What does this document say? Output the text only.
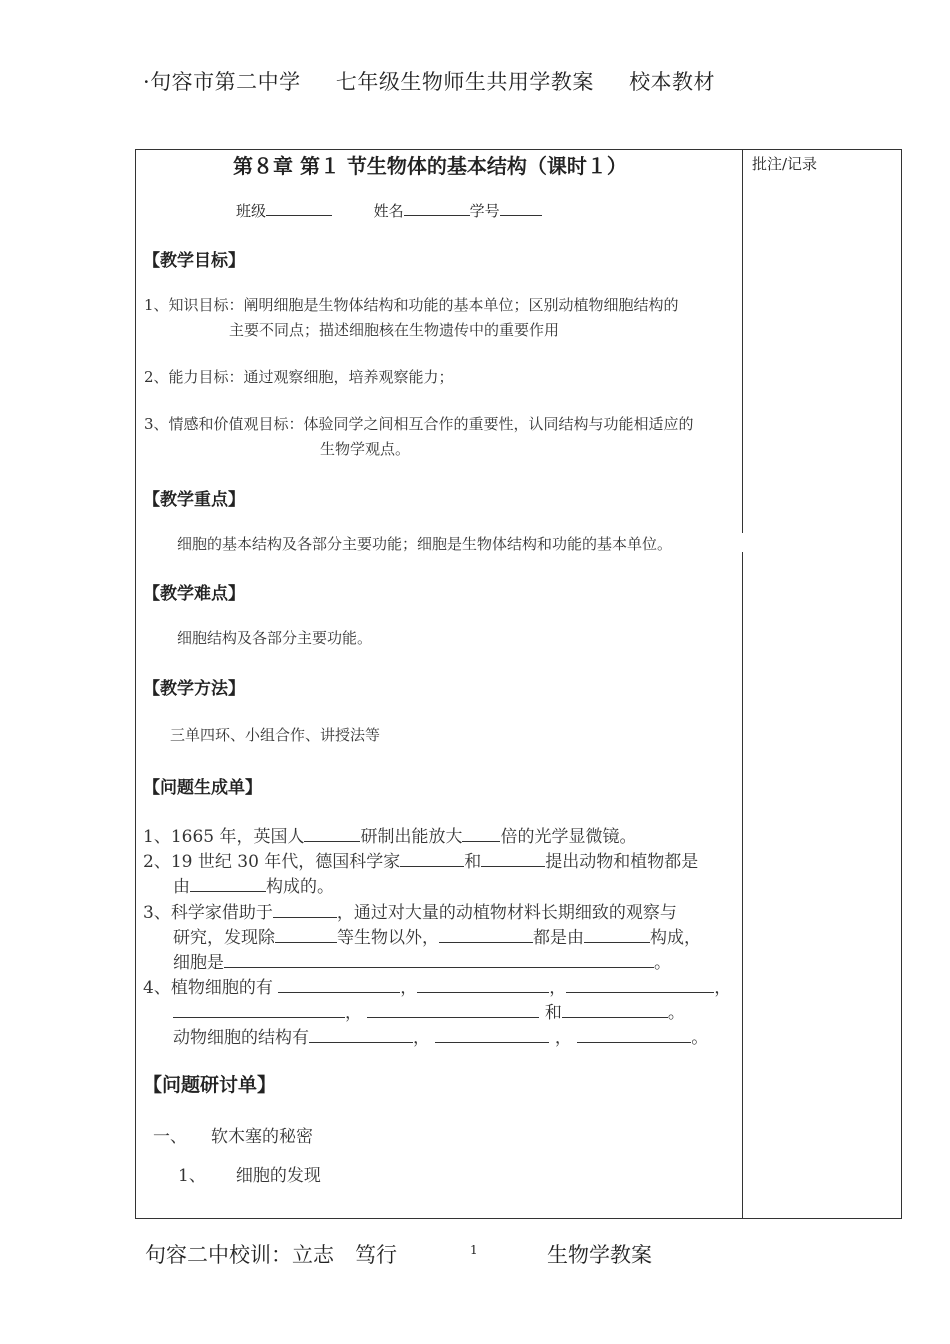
·句容市第二中学 七年级生物师生共用学教案 校本教材
批注/记录
第８章 第１ 节生物体的基本结构（课时１）
班级	姓名	学号
【教学目标】
1、知识目标：阐明细胞是生物体结构和功能的基本单位；区别动植物细胞结构的
主要不同点；描述细胞核在生物遗传中的重要作用
2、能力目标：通过观察细胞，培养观察能力；
3、情感和价值观目标：体验同学之间相互合作的重要性，认同结构与功能相适应的
生物学观点。
【教学重点】
细胞的基本结构及各部分主要功能；细胞是生物体结构和功能的基本单位。
【教学难点】
细胞结构及各部分主要功能。
【教学方法】
三单四环、小组合作、讲授法等
【问题生成单】
1、1665 年，英国人	研制出能放大 倍的光学显微镜。
2、19 世纪 30 年代，德国科学家	和	提出动物和植物都是
由	构成的。
3、科学家借助于	，通过对大量的动植物材料长期细致的观察与
研究，发现除	等生物以外，	都是由	构成，
细胞是	。
4、植物细胞的有	，	，	，
，	和	。
动物细胞的结构有	，	，	。
【问题研讨单】
一、 软木塞的秘密
1、 细胞的发现
句容二中校训：立志　笃行	1	生物学教案
